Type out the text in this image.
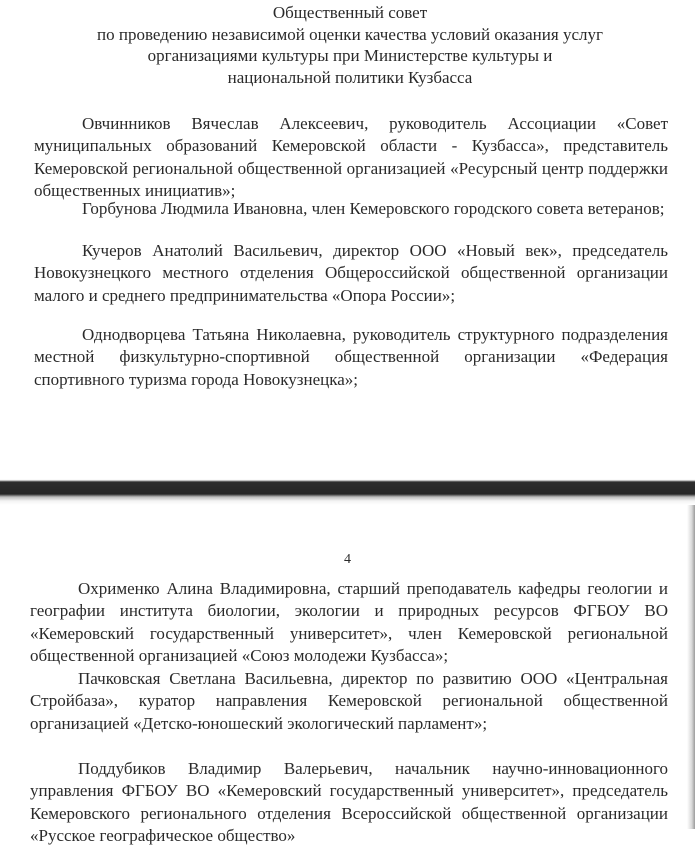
Общественный совет
по проведению независимой оценки качества условий оказания услуг
организациями культуры при Министерстве культуры и
национальной политики Кузбасса

Овчинников Вячеслав Алексеевич, руководитель Ассоциации «Совет муниципальных образований Кемеровской области - Кузбасса», представитель Кемеровской региональной общественной организацией «Ресурсный центр поддержки общественных инициатив»;

Горбунова Людмила Ивановна, член Кемеровского городского совета ветеранов;

Кучеров Анатолий Васильевич, директор ООО «Новый век», председатель Новокузнецкого местного отделения Общероссийской общественной организации малого и среднего предпринимательства «Опора России»;

Однодворцева Татьяна Николаевна, руководитель структурного подразделения местной физкультурно-спортивной общественной организации «Федерация спортивного туризма города Новокузнецка»;

4

Охрименко Алина Владимировна, старший преподаватель кафедры геологии и географии института биологии, экологии и природных ресурсов ФГБОУ ВО «Кемеровский государственный университет», член Кемеровской региональной общественной организацией «Союз молодежи Кузбасса»;

Пачковская Светлана Васильевна, директор по развитию ООО «Центральная Стройбаза», куратор направления Кемеровской региональной общественной организацией «Детско-юношеский экологический парламент»;

Поддубиков Владимир Валерьевич, начальник научно-инновационного управления ФГБОУ ВО «Кемеровский государственный университет», председатель Кемеровского регионального отделения Всероссийской общественной организации «Русское географическое общество»
